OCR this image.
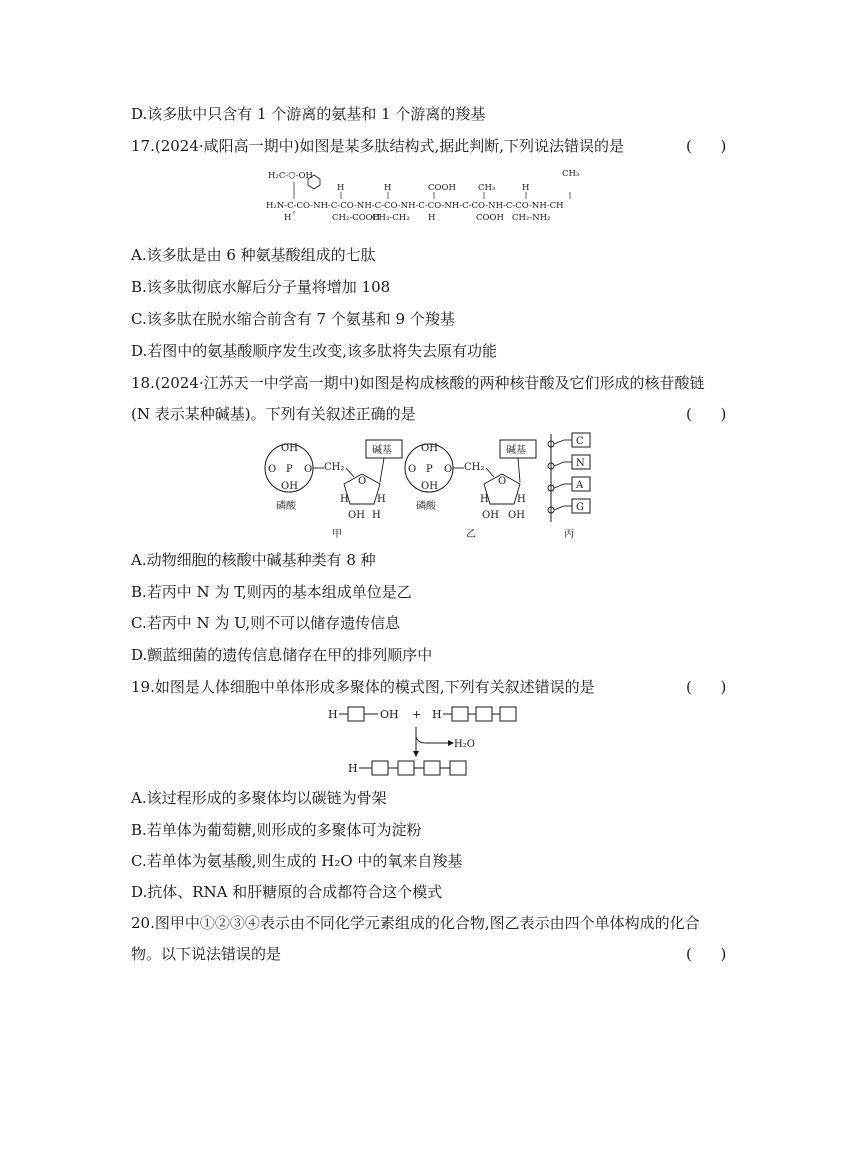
D.该多肽中只含有 1 个游离的氨基和 1 个游离的羧基
17.(2024·咸阳高一期中)如图是某多肽结构式,据此判断,下列说法错误的是	(      )
H₂C-⬡-OH
H₂N-C-CO-NH-C-CO-NH-C-CO-NH-C-CO-NH-C-CO-NH-C-CO-NH-CH
H	H	COOH	CH₃	H
CH₃
H	CH₂-COOH	H	COOH CH₂-NH₂
CH₃-CH₂
A.该多肽是由 6 种氨基酸组成的七肽
B.该多肽彻底水解后分子量将增加 108
C.该多肽在脱水缩合前含有 7 个氨基和 9 个羧基
D.若图中的氨基酸顺序发生改变,该多肽将失去原有功能
18.(2024·江苏天一中学高一期中)如图是构成核酸的两种核苷酸及它们形成的核苷酸链
(N 表示某种碱基)。下列有关叙述正确的是	(      )
OH
O P O
OH
磷酸
CH₂
O
碱基
H	H
OH H
甲
OH
O P O
OH
磷酸
CH₂
O
碱基
H	H
OH OH
乙
C
N
A
G
丙
A.动物细胞的核酸中碱基种类有 8 种
B.若丙中 N 为 T,则丙的基本组成单位是乙
C.若丙中 N 为 U,则不可以储存遗传信息
D.颤蓝细菌的遗传信息储存在甲的排列顺序中
19.如图是人体细胞中单体形成多聚体的模式图,下列有关叙述错误的是	(      )
H	OH + H
H₂O
H
A.该过程形成的多聚体均以碳链为骨架
B.若单体为葡萄糖,则形成的多聚体可为淀粉
C.若单体为氨基酸,则生成的 H₂O 中的氧来自羧基
D.抗体、RNA 和肝糖原的合成都符合这个模式
20.图甲中①②③④表示由不同化学元素组成的化合物,图乙表示由四个单体构成的化合
物。以下说法错误的是	(      )
